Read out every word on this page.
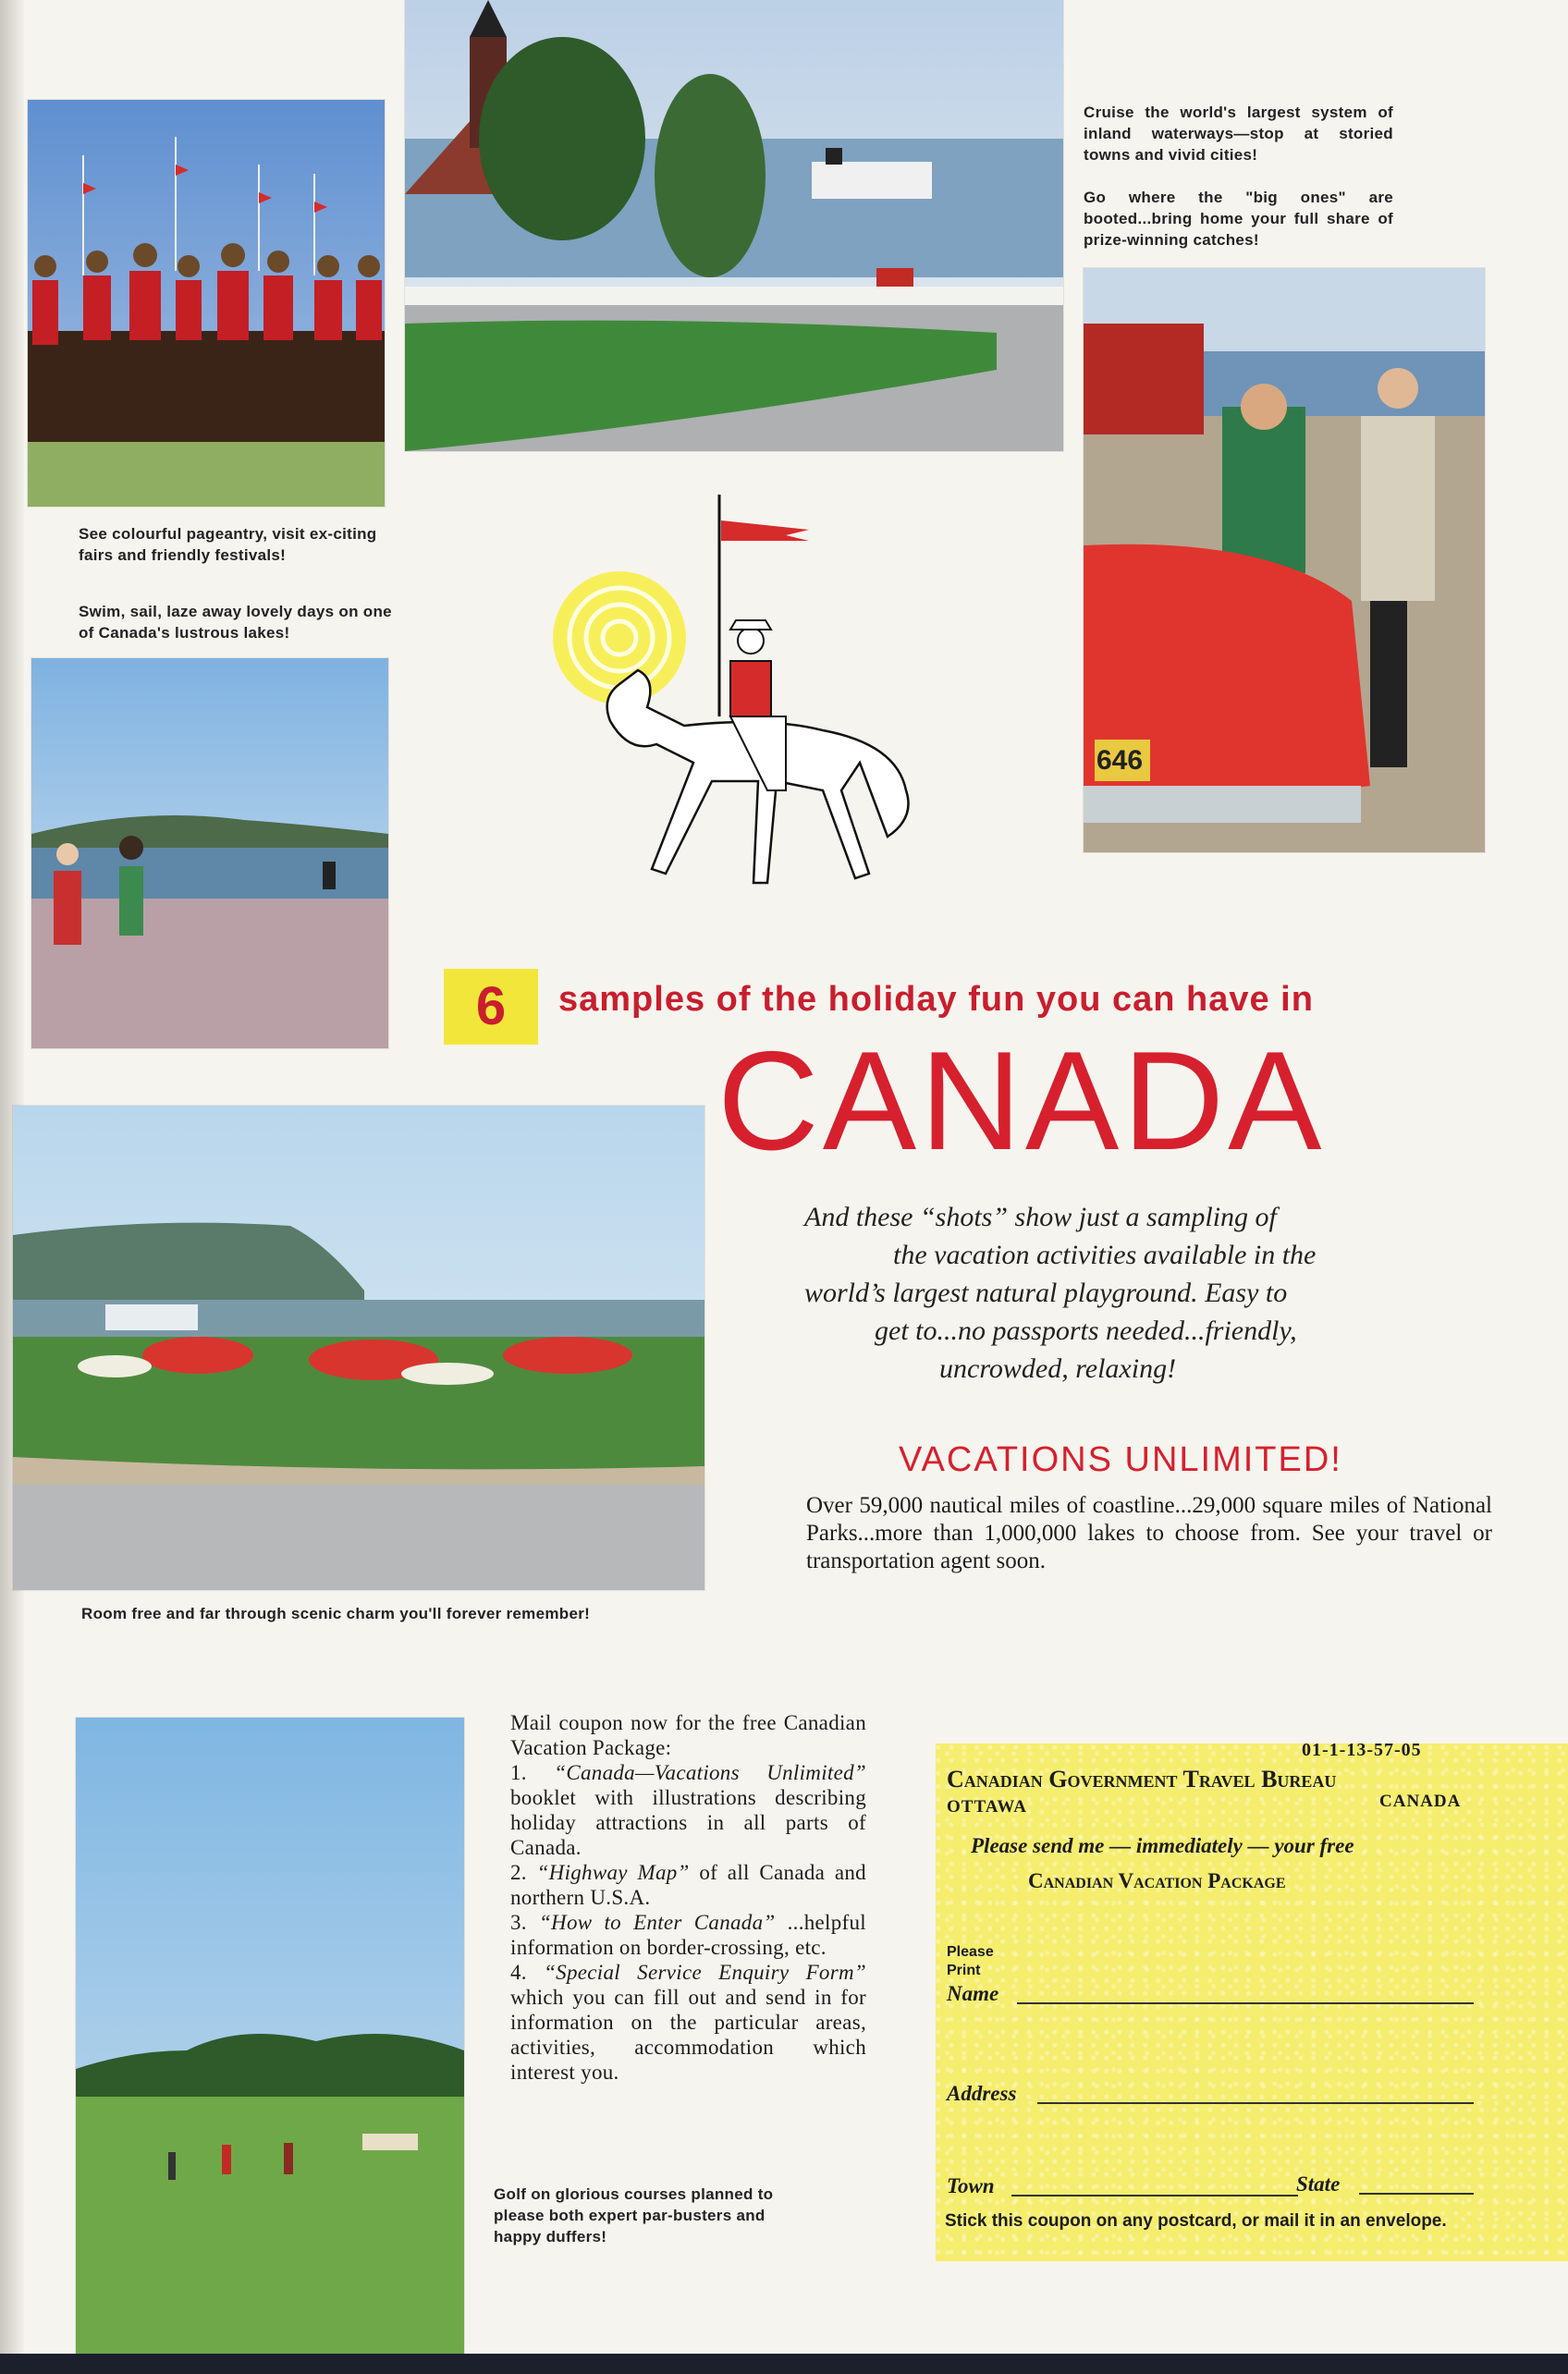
See colourful pageantry, visit ex-citing fairs and friendly festivals!
Swim, sail, laze away lovely days on one of Canada's lustrous lakes!
Cruise the world's largest system of inland waterways—stop at storied towns and vivid cities!
Go where the "big ones" are booted...bring home your full share of prize-winning catches!
646
6	samples of the holiday fun you can have in
CANADA
And these “shots” show just a sampling of
the vacation activities available in the
world’s largest natural playground. Easy to
get to...no passports needed...friendly,
uncrowded, relaxing!
VACATIONS UNLIMITED!
Over 59,000 nautical miles of coastline...29,000 square miles of National Parks...more than 1,000,000 lakes to choose from. See your travel or transportation agent soon.
Room free and far through scenic charm you'll forever remember!
Golf on glorious courses planned to please both expert par-busters and happy duffers!
Mail coupon now for the free Canadian Vacation Package:
1. “Canada—Vacations Unlimited” booklet with illustrations describing holiday attractions in all parts of Canada.
2. “Highway Map” of all Canada and northern U.S.A.
3. “How to Enter Canada” ...helpful information on border-crossing, etc.
4. “Special Service Enquiry Form” which you can fill out and send in for information on the particular areas, activities, accommodation which interest you.
01-1-13-57-05
Canadian Government Travel Bureau
OTTAWA	CANADA
Please send me — immediately — your free
Canadian Vacation Package
Please Print
Name
Address
Town	State
Stick this coupon on any postcard, or mail it in an envelope.
